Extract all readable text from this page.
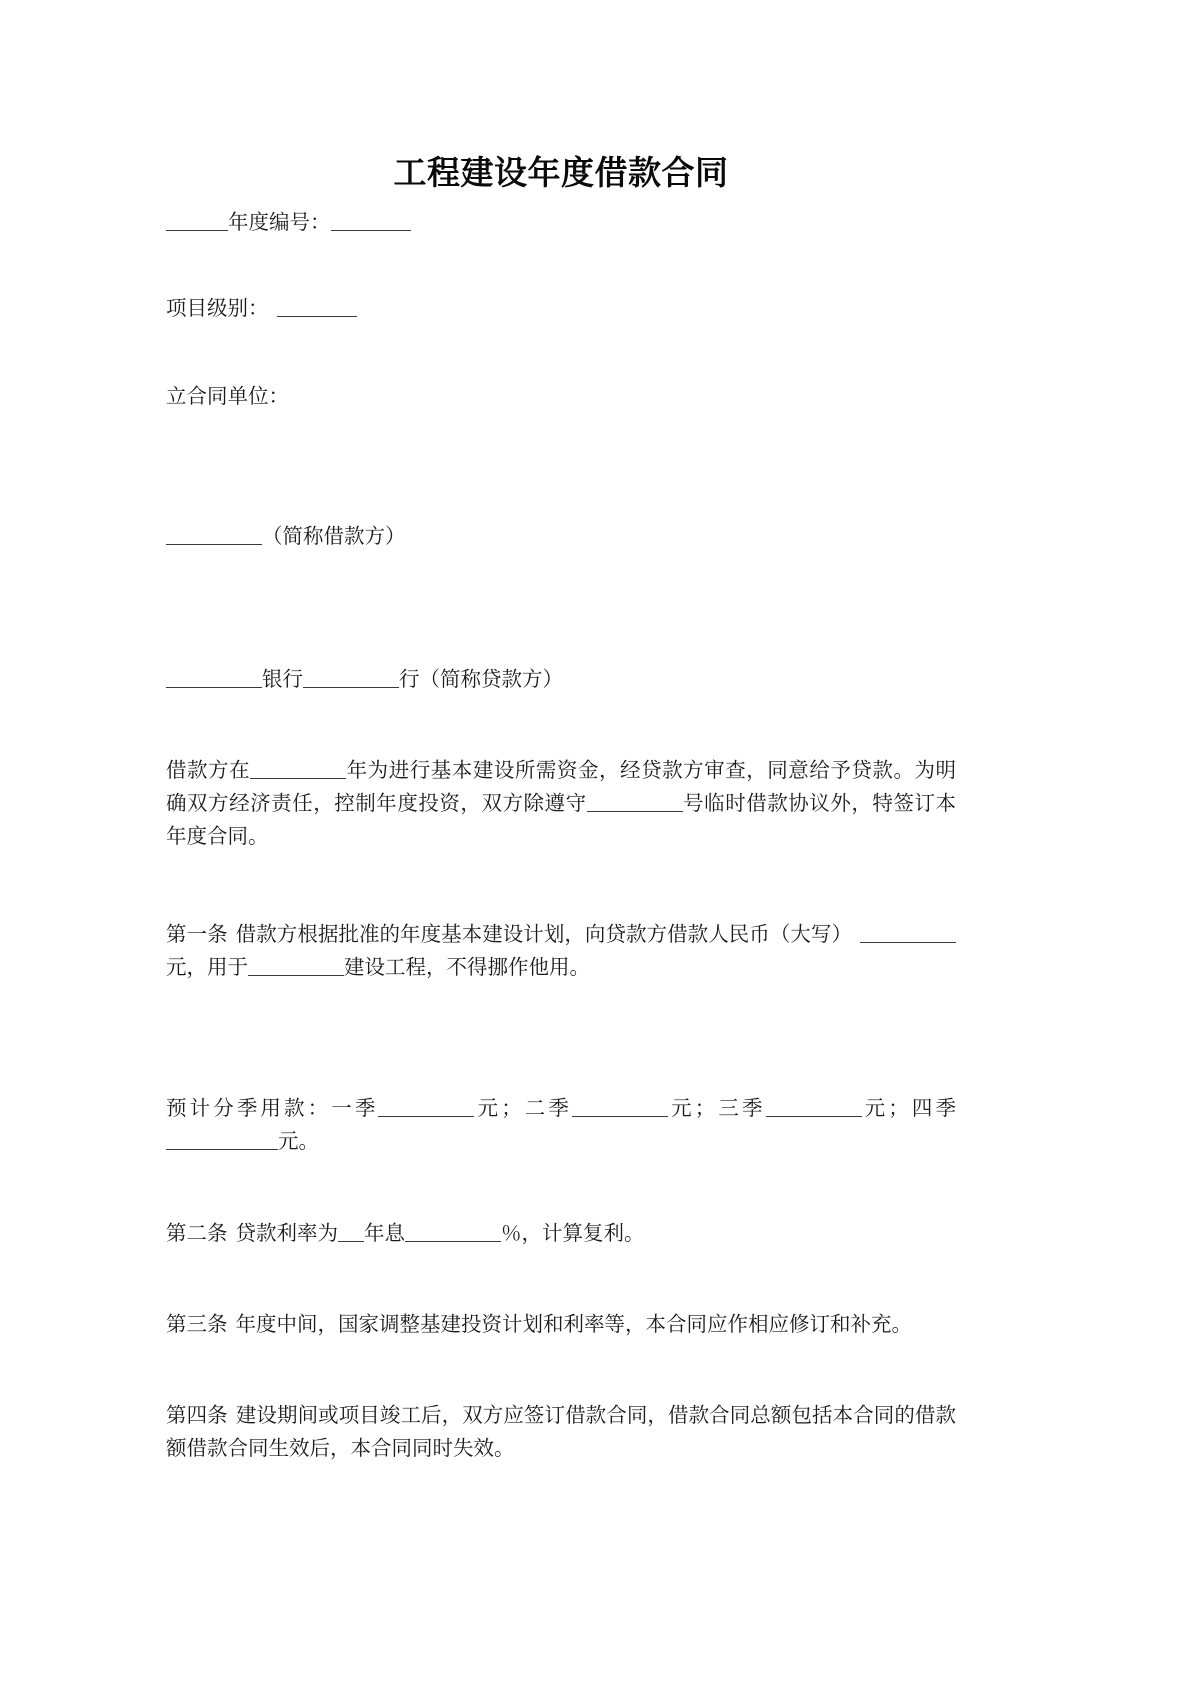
工程建设年度借款合同

年度编号：

项目级别：

立合同单位：

（简称借款方）

银行	行（简称贷款方）

借款方在	年为进行基本建设所需资金，经贷款方审查，同意给予贷款。为明确双方经济责任，控制年度投资，双方除遵守	号临时借款协议外，特签订本年度合同。

第一条 借款方根据批准的年度基本建设计划，向贷款方借款人民币（大写）元，用于	建设工程，不得挪作他用。

预计分季用款：一季	元；二季	元；三季	元；四季元。

第二条 贷款利率为 年息	％，计算复利。

第三条 年度中间，国家调整基建投资计划和利率等，本合同应作相应修订和补充。

第四条 建设期间或项目竣工后，双方应签订借款合同，借款合同总额包括本合同的借款额借款合同生效后，本合同同时失效。
